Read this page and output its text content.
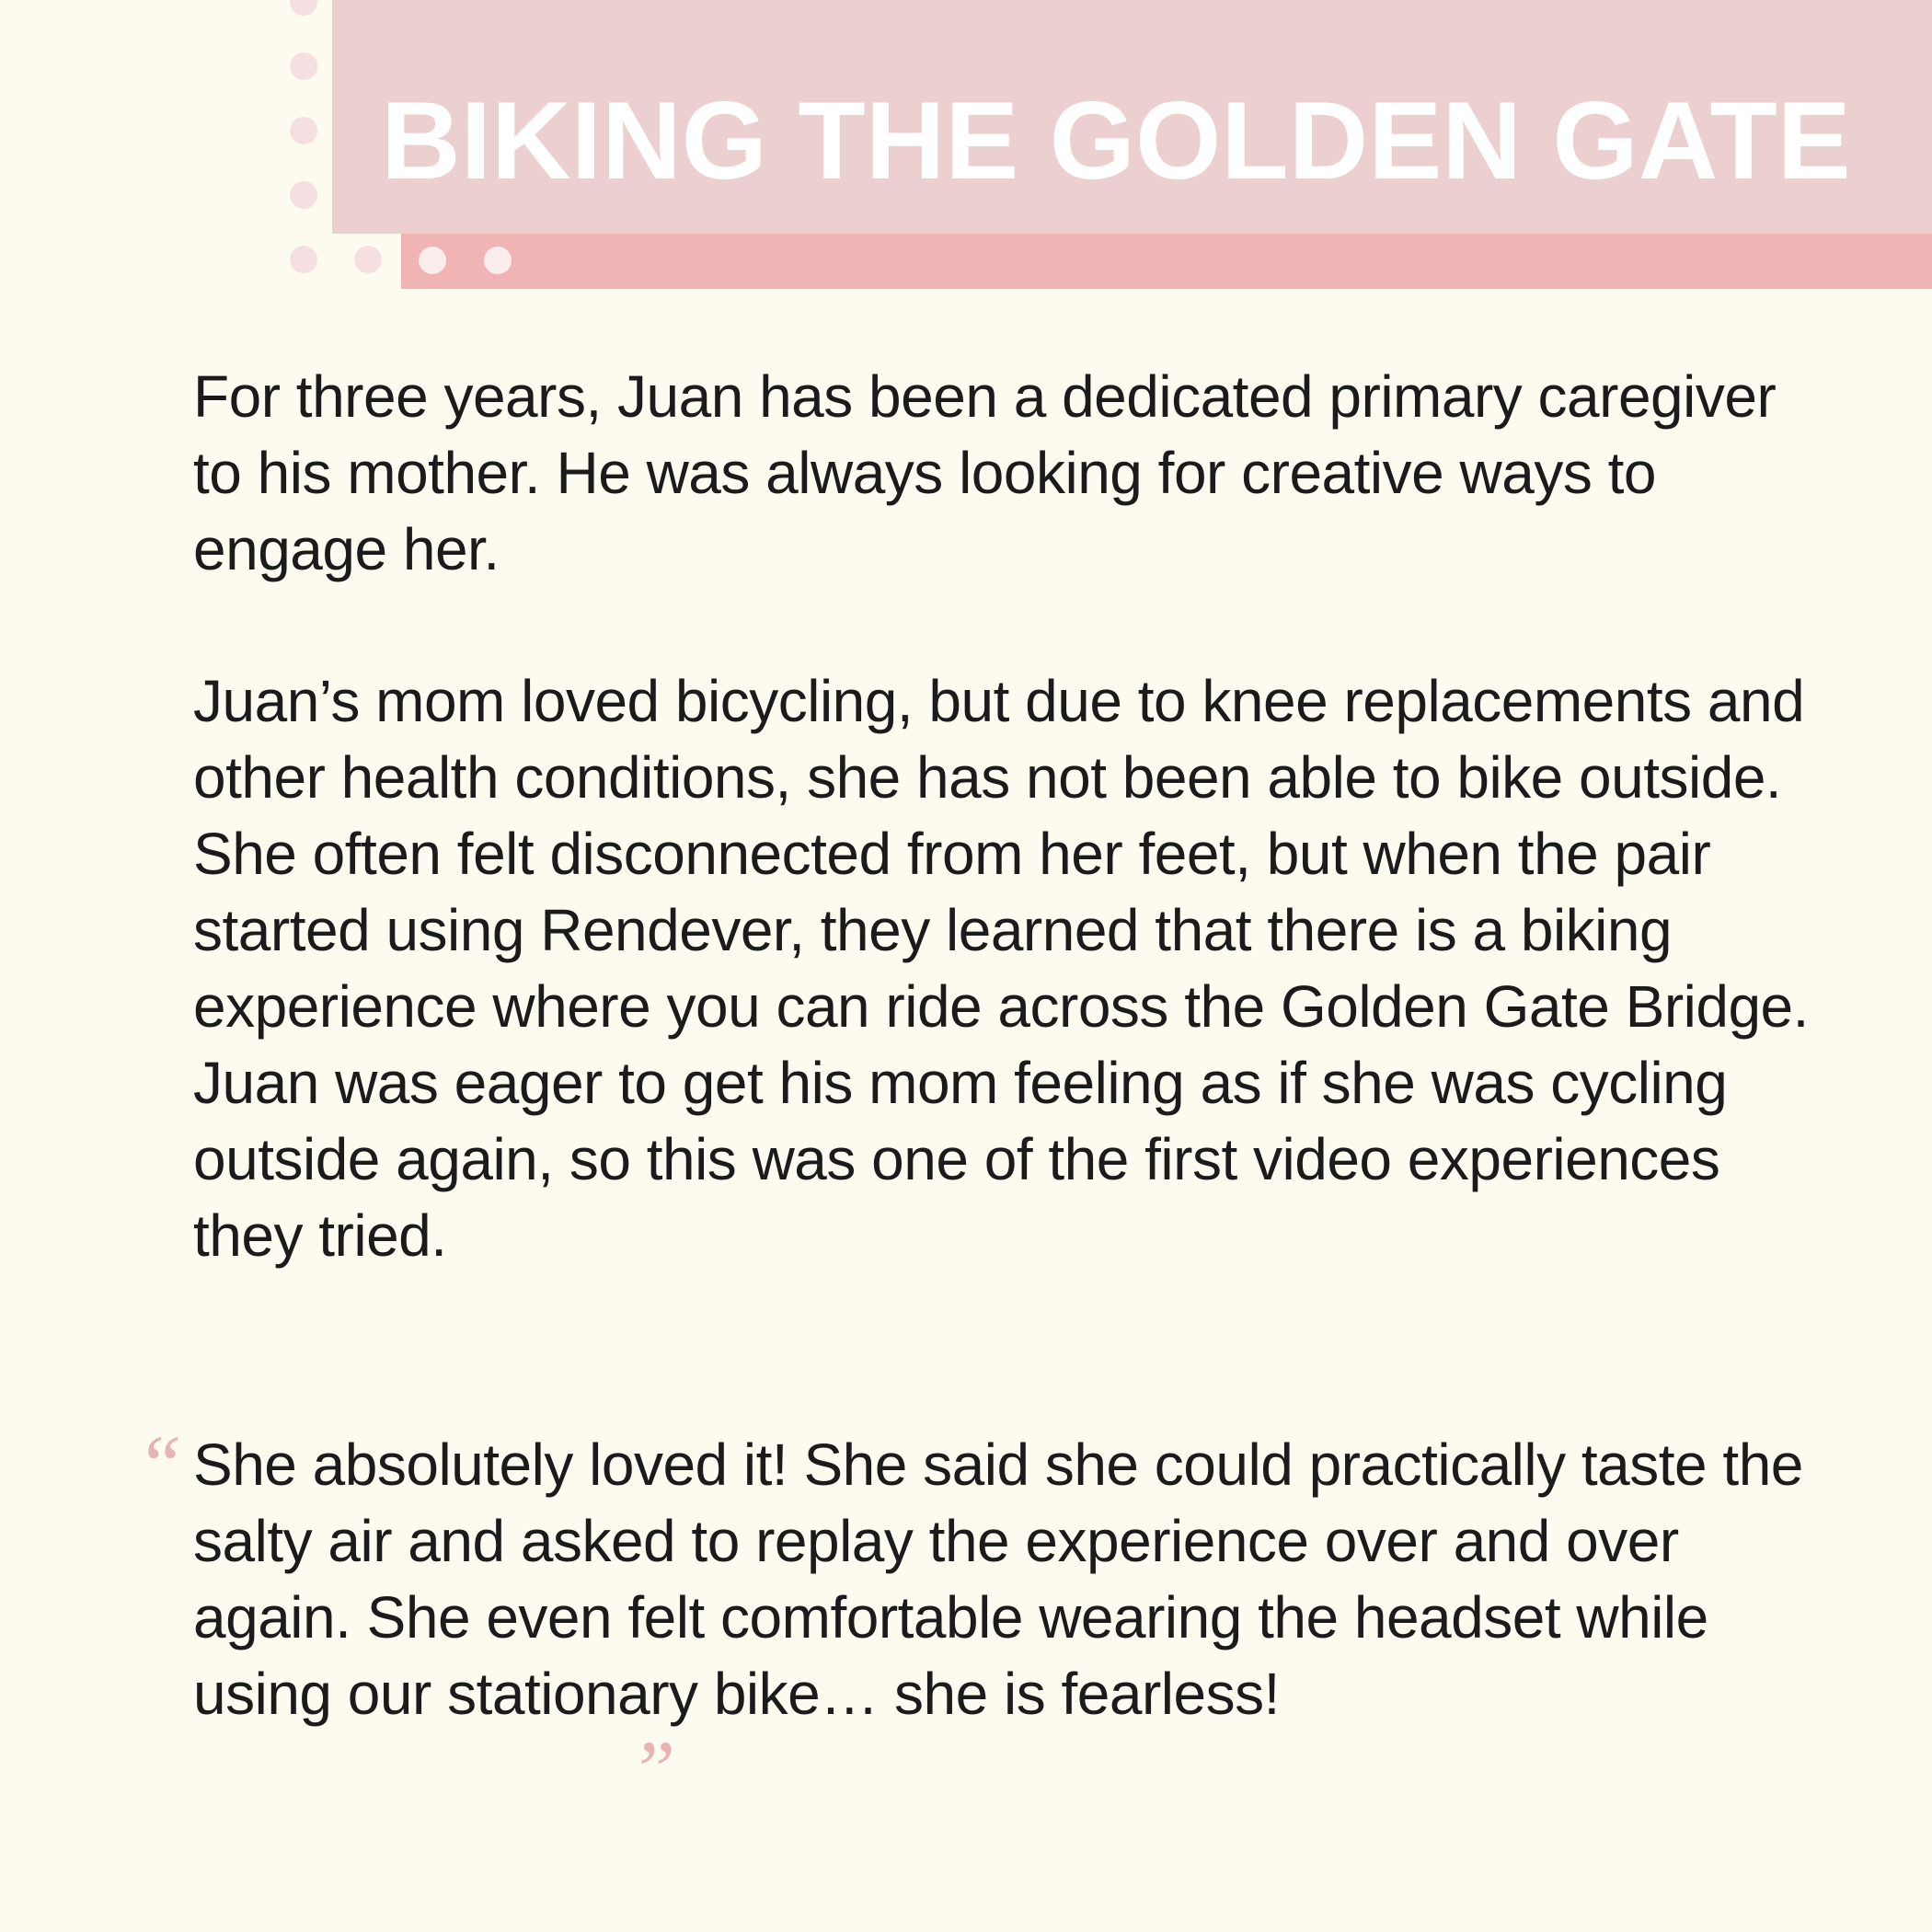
BIKING THE GOLDEN GATE

For three years, Juan has been a dedicated primary caregiver to his mother. He was always looking for creative ways to engage her.

Juan’s mom loved bicycling, but due to knee replacements and other health conditions, she has not been able to bike outside. She often felt disconnected from her feet, but when the pair started using Rendever, they learned that there is a biking experience where you can ride across the Golden Gate Bridge. Juan was eager to get his mom feeling as if she was cycling outside again, so this was one of the first video experiences they tried.

“ She absolutely loved it! She said she could practically taste the salty air and asked to replay the experience over and over again. She even felt comfortable wearing the headset while using our stationary bike… she is fearless!

”
